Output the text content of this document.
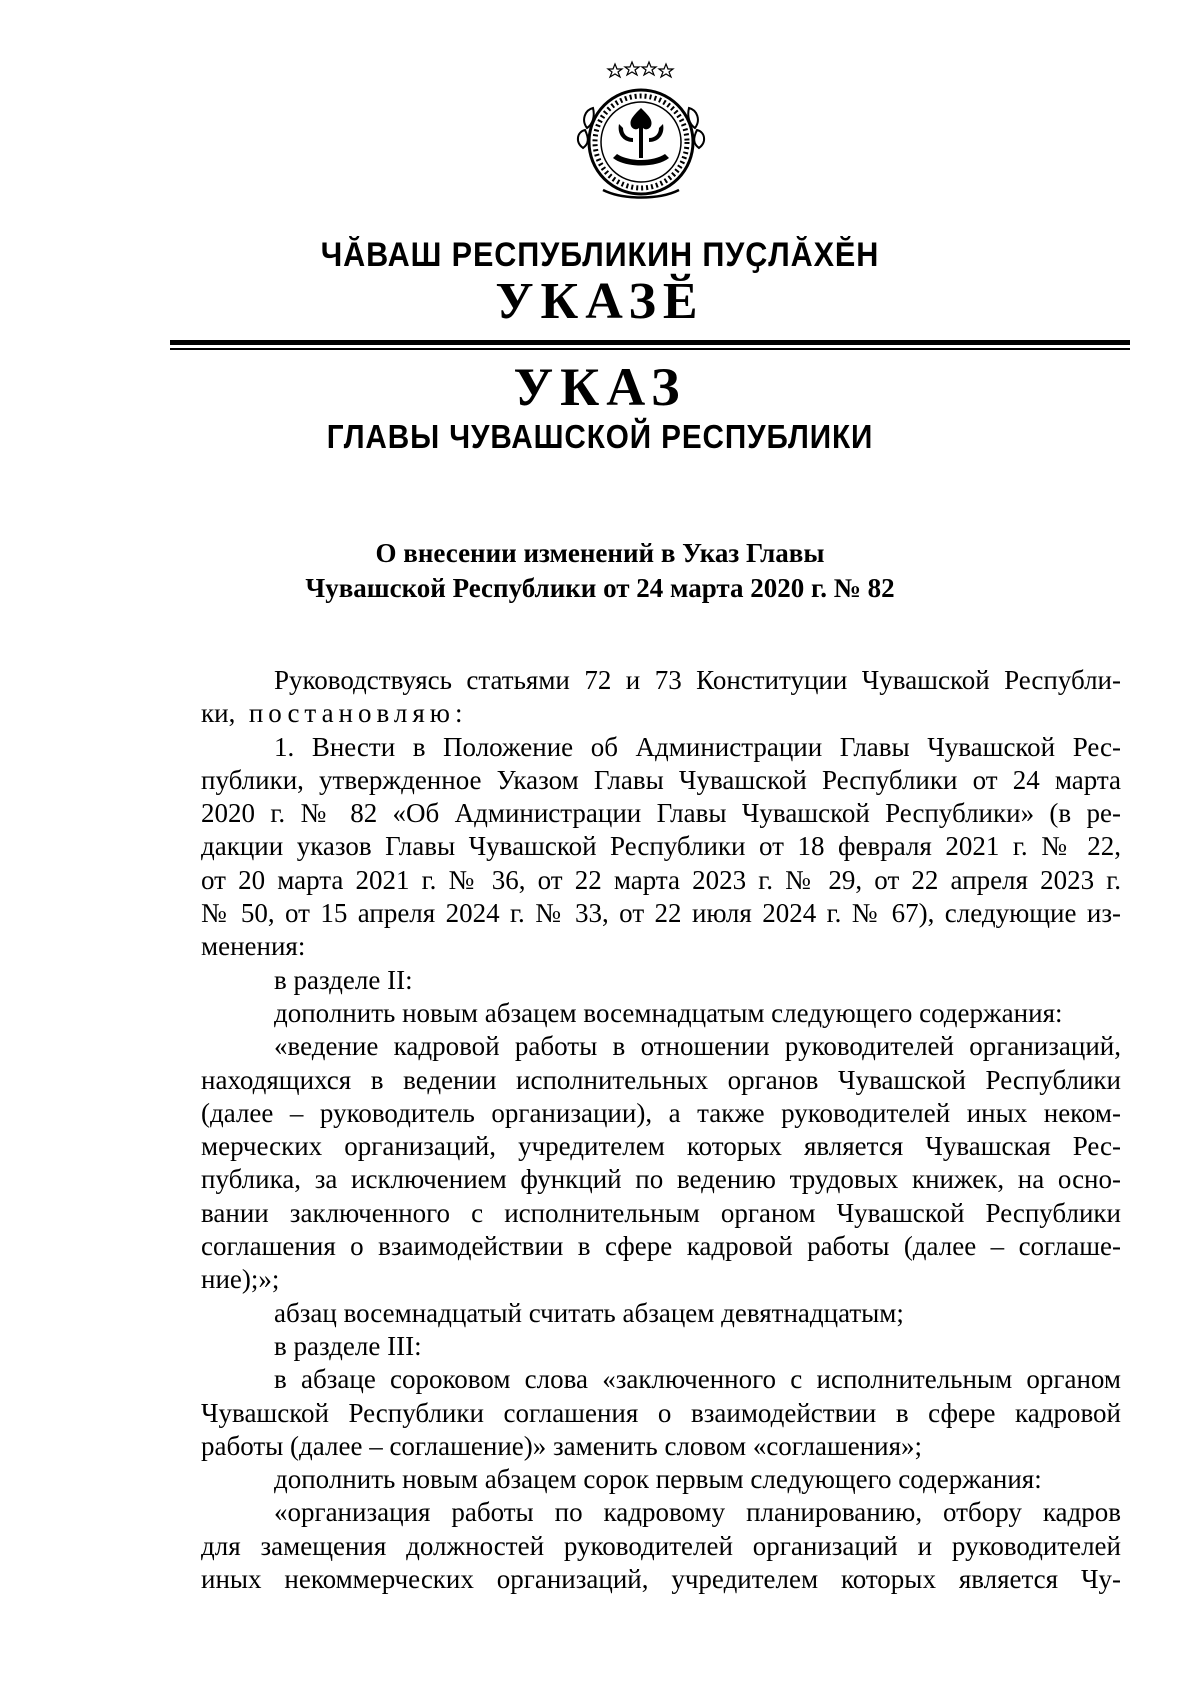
ЧӐВАШ РЕСПУБЛИКИН ПУҪЛӐХӖН
УКАЗӖ
УКАЗ
ГЛАВЫ ЧУВАШСКОЙ РЕСПУБЛИКИ
О внесении изменений в Указ Главы
Чувашской Республики от 24 марта 2020 г. № 82

Руководствуясь статьями 72 и 73 Конституции Чувашской Республи-

ки, постановляю:

1. Внести в Положение об Администрации Главы Чувашской Рес-

публики, утвержденное Указом Главы Чувашской Республики от 24 марта

2020 г. № 82 «Об Администрации Главы Чувашской Республики» (в ре-

дакции указов Главы Чувашской Республики от 18 февраля 2021 г. № 22,

от 20 марта 2021 г. № 36, от 22 марта 2023 г. № 29, от 22 апреля 2023 г.

№ 50, от 15 апреля 2024 г. № 33, от 22 июля 2024 г. № 67), следующие из-

менения:

в разделе II:

дополнить новым абзацем восемнадцатым следующего содержания:

«ведение кадровой работы в отношении руководителей организаций,

находящихся в ведении исполнительных органов Чувашской Республики

(далее – руководитель организации), а также руководителей иных неком-

мерческих организаций, учредителем которых является Чувашская Рес-

публика, за исключением функций по ведению трудовых книжек, на осно-

вании заключенного с исполнительным органом Чувашской Республики

соглашения о взаимодействии в сфере кадровой работы (далее – соглаше-

ние);»;

абзац восемнадцатый считать абзацем девятнадцатым;

в разделе III:

в абзаце сороковом слова «заключенного с исполнительным органом

Чувашской Республики соглашения о взаимодействии в сфере кадровой

работы (далее – соглашение)» заменить словом «соглашения»;

дополнить новым абзацем сорок первым следующего содержания:

«организация работы по кадровому планированию, отбору кадров

для замещения должностей руководителей организаций и руководителей

иных некоммерческих организаций, учредителем которых является Чу-
